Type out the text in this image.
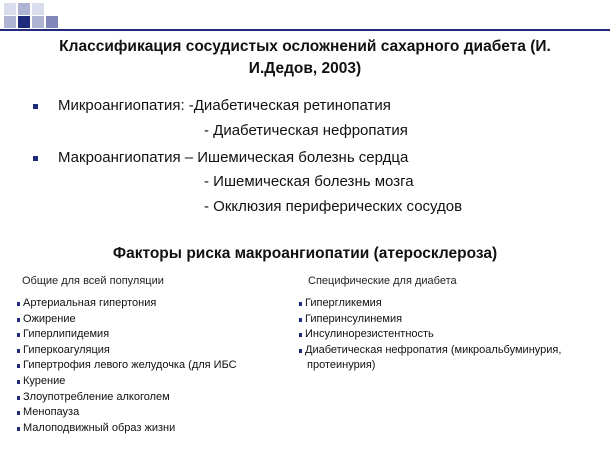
Классификация сосудистых осложнений сахарного диабета (И.
И.Дедов, 2003)
Микроангиопатия: -Диабетическая ретинопатия
- Диабетическая нефропатия
Макроангиопатия – Ишемическая болезнь сердца
- Ишемическая болезнь мозга
- Окклюзия периферических сосудов
Факторы риска макроангиопатии (атеросклероза)
Общие для всей популяции	Специфические для диабета
Артериальная гипертония
Ожирение
Гиперлипидемия
Гиперкоагуляция
Гипертрофия левого желудочка (для ИБС
Курение
Злоупотребление алкоголем
Менопауза
Малоподвижный образ жизни
Гипергликемия
Гиперинсулинемия
Инсулинорезистентность
Диабетическая нефропатия (микроальбуминурия,
протеинурия)
